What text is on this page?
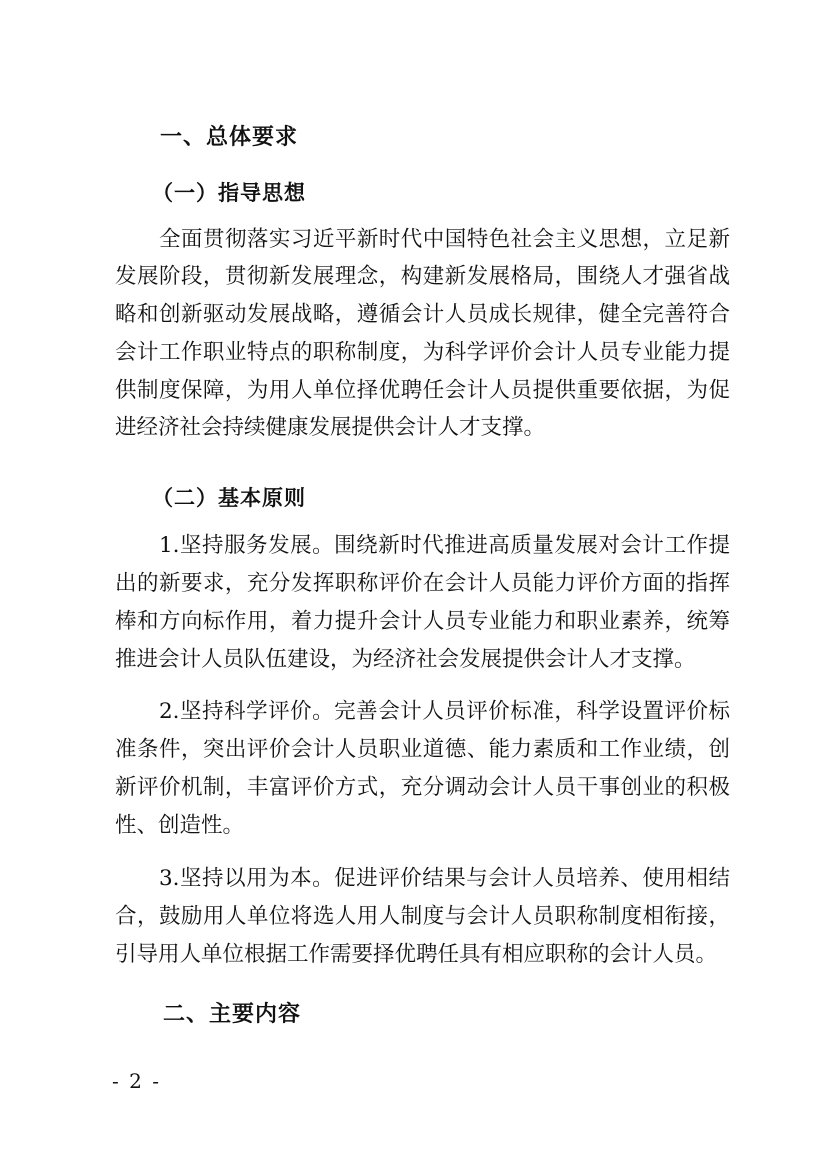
一、总体要求
（一）指导思想
全面贯彻落实习近平新时代中国特色社会主义思想，立足新
发展阶段，贯彻新发展理念，构建新发展格局，围绕人才强省战
略和创新驱动发展战略，遵循会计人员成长规律，健全完善符合
会计工作职业特点的职称制度，为科学评价会计人员专业能力提
供制度保障，为用人单位择优聘任会计人员提供重要依据，为促
进经济社会持续健康发展提供会计人才支撑。
（二）基本原则
1.坚持服务发展。围绕新时代推进高质量发展对会计工作提
出的新要求，充分发挥职称评价在会计人员能力评价方面的指挥
棒和方向标作用，着力提升会计人员专业能力和职业素养，统筹
推进会计人员队伍建设，为经济社会发展提供会计人才支撑。
2.坚持科学评价。完善会计人员评价标准，科学设置评价标
准条件，突出评价会计人员职业道德、能力素质和工作业绩，创
新评价机制，丰富评价方式，充分调动会计人员干事创业的积极
性、创造性。
3.坚持以用为本。促进评价结果与会计人员培养、使用相结
合，鼓励用人单位将选人用人制度与会计人员职称制度相衔接，
引导用人单位根据工作需要择优聘任具有相应职称的会计人员。
二、主要内容
- 2 -
